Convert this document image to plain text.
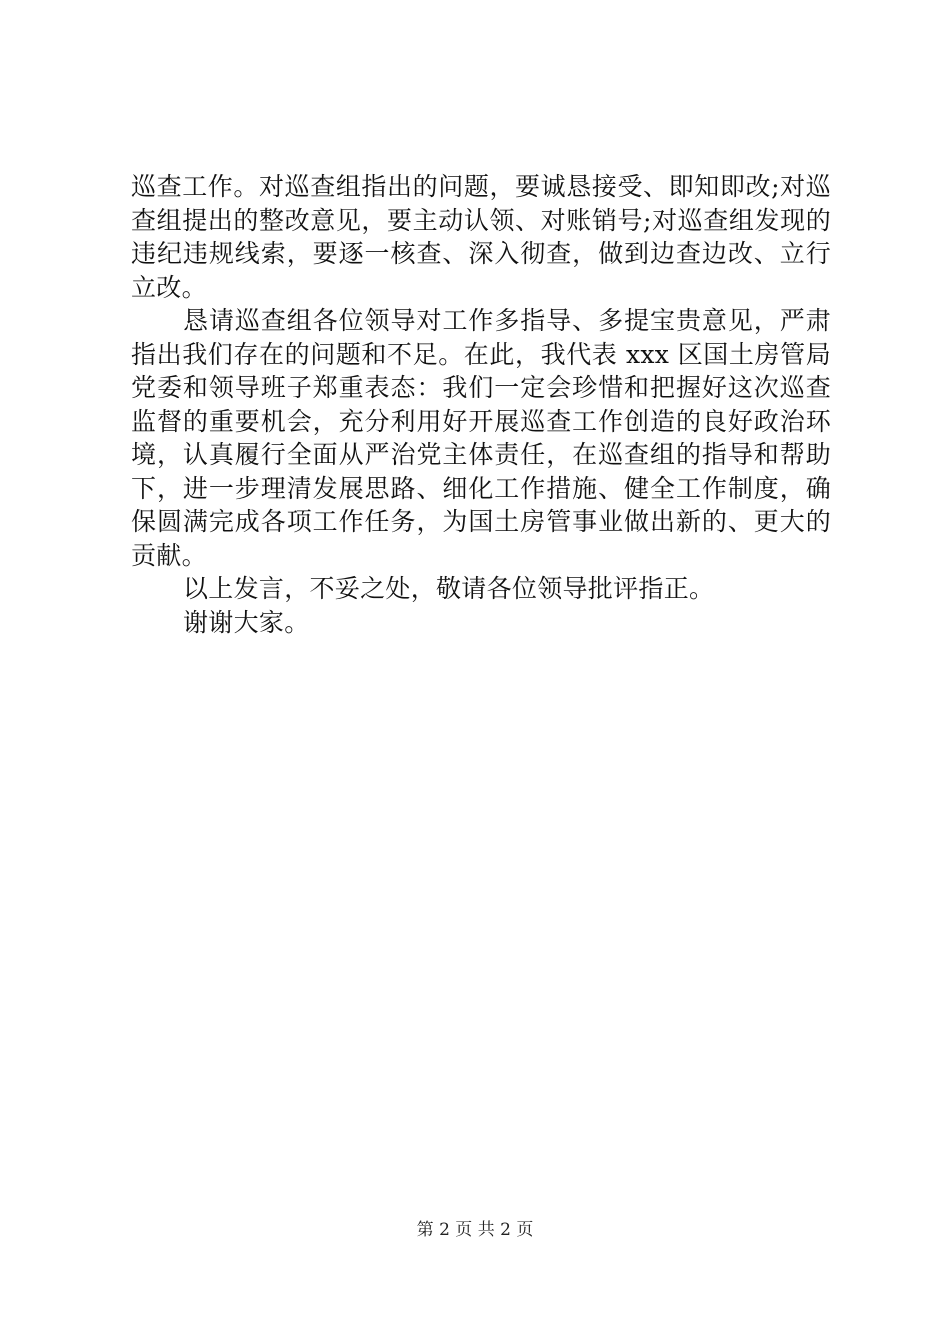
巡查工作。对巡查组指出的问题，要诚恳接受、即知即改;对巡
查组提出的整改意见，要主动认领、对账销号;对巡查组发现的
违纪违规线索，要逐一核查、深入彻查，做到边查边改、立行
立改。
恳请巡查组各位领导对工作多指导、多提宝贵意见，严肃
指出我们存在的问题和不足。在此，我代表 xxx 区国土房管局
党委和领导班子郑重表态：我们一定会珍惜和把握好这次巡查
监督的重要机会，充分利用好开展巡查工作创造的良好政治环
境，认真履行全面从严治党主体责任，在巡查组的指导和帮助
下，进一步理清发展思路、细化工作措施、健全工作制度，确
保圆满完成各项工作任务，为国土房管事业做出新的、更大的
贡献。
以上发言，不妥之处，敬请各位领导批评指正。
谢谢大家。
第 2 页 共 2 页
